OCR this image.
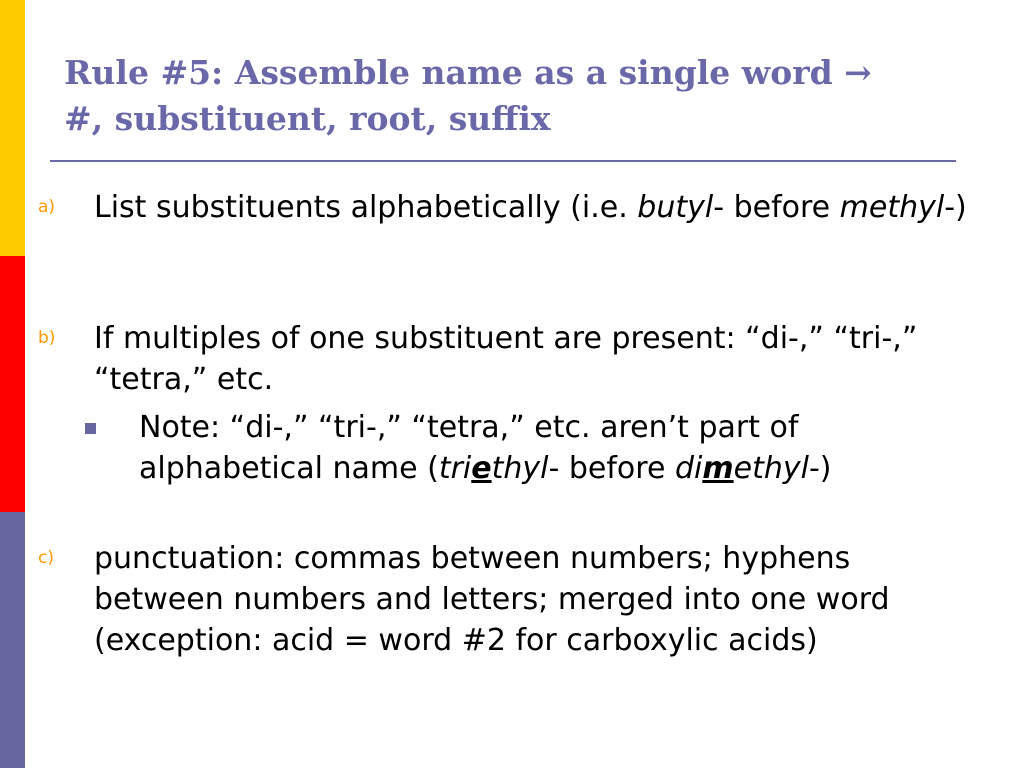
Rule #5: Assemble name as a single word →
#, substituent, root, suffix
a) List substituents alphabetically (i.e. butyl- before methyl-)
b) If multiples of one substituent are present: “di-,” “tri-,” “tetra,” etc.
Note: “di-,” “tri-,” “tetra,” etc. aren’t part of alphabetical name (triethyl- before dimethyl-)
c) punctuation: commas between numbers; hyphens between numbers and letters; merged into one word (exception: acid = word #2 for carboxylic acids)
